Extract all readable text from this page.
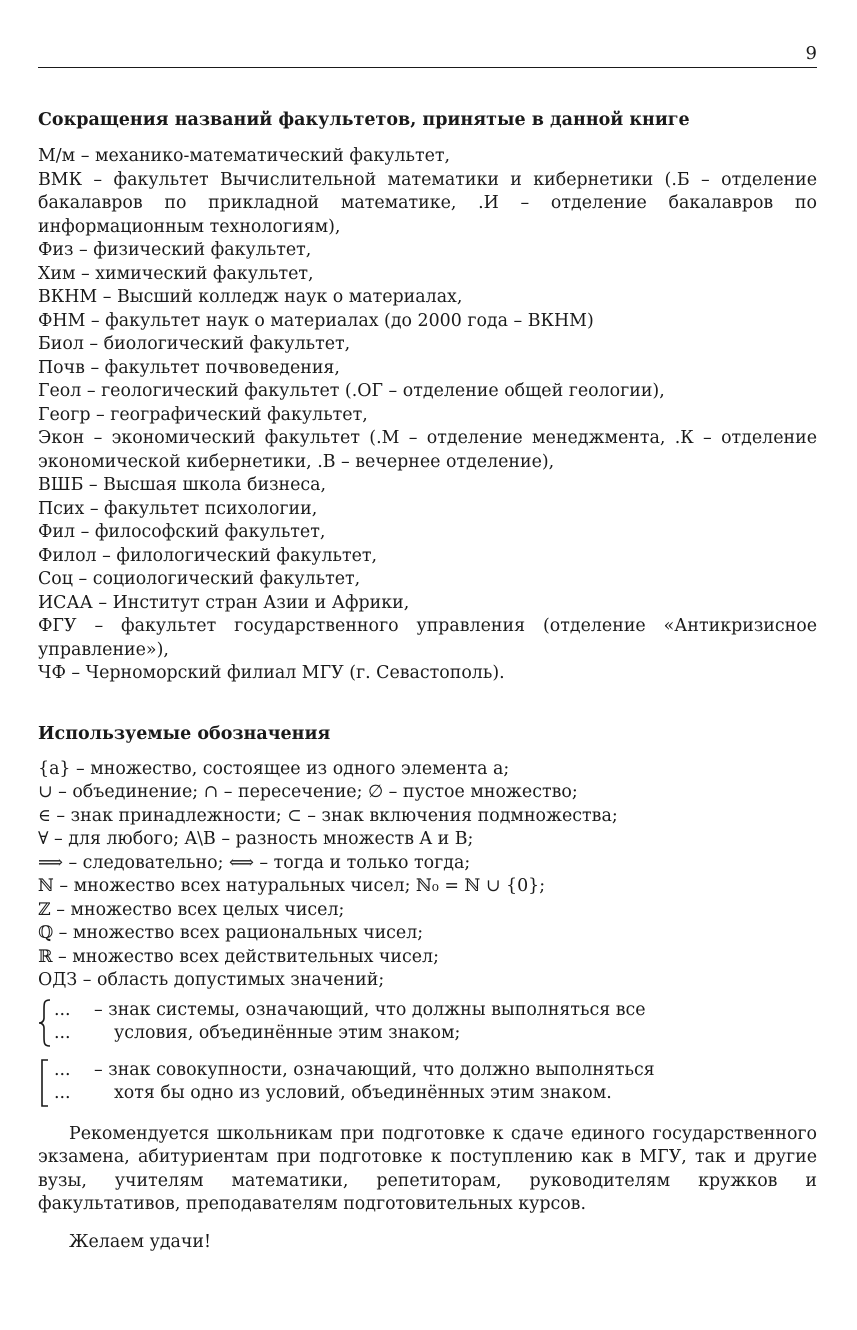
9
Сокращения названий факультетов, принятые в данной книге

М/м – механико-математический факультет,

ВМК – факультет Вычислительной математики и кибернетики (.Б – отделение бакалавров по прикладной математике, .И – отделение бакалавров по информационным технологиям),

Физ – физический факультет,

Хим – химический факультет,

ВКНМ – Высший колледж наук о материалах,

ФНМ – факультет наук о материалах (до 2000 года – ВКНМ)

Биол – биологический факультет,

Почв – факультет почвоведения,

Геол – геологический факультет (.ОГ – отделение общей геологии),

Геогр – географический факультет,

Экон – экономический факультет (.М – отделение менеджмента, .К – отделение экономической кибернетики, .В – вечернее отделение),

ВШБ – Высшая школа бизнеса,

Псих – факультет психологии,

Фил – философский факультет,

Филол – филологический факультет,

Соц – социологический факультет,

ИСАА – Институт стран Азии и Африки,

ФГУ – факультет государственного управления (отделение «Антикризисное управление»),

ЧФ – Черноморский филиал МГУ (г. Севастополь).

Используемые обозначения
{a} – множество, состоящее из одного элемента a;
∪ – объединение; ∩ – пересечение; ∅ – пустое множество;
∈ – знак принадлежности; ⊂ – знак включения подмножества;
∀ – для любого; A\B – разность множеств A и B;
⟹ – следовательно; ⟺ – тогда и только тогда;
ℕ – множество всех натуральных чисел; ℕ₀ = ℕ ∪ {0};
ℤ – множество всех целых чисел;
ℚ – множество всех рациональных чисел;
ℝ – множество всех действительных чисел;
ОДЗ – область допустимых значений;
...
...
– знак системы, означающий, что должны выполняться все
условия, объединённые этим знаком;
...
...
– знак совокупности, означающий, что должно выполняться
хотя бы одно из условий, объединённых этим знаком.

Рекомендуется школьникам при подготовке к сдаче единого государственного экзамена, абитуриентам при подготовке к поступлению как в МГУ, так и другие вузы, учителям математики, репетиторам, руководителям кружков и факультативов, преподавателям подготовительных курсов.

Желаем удачи!
